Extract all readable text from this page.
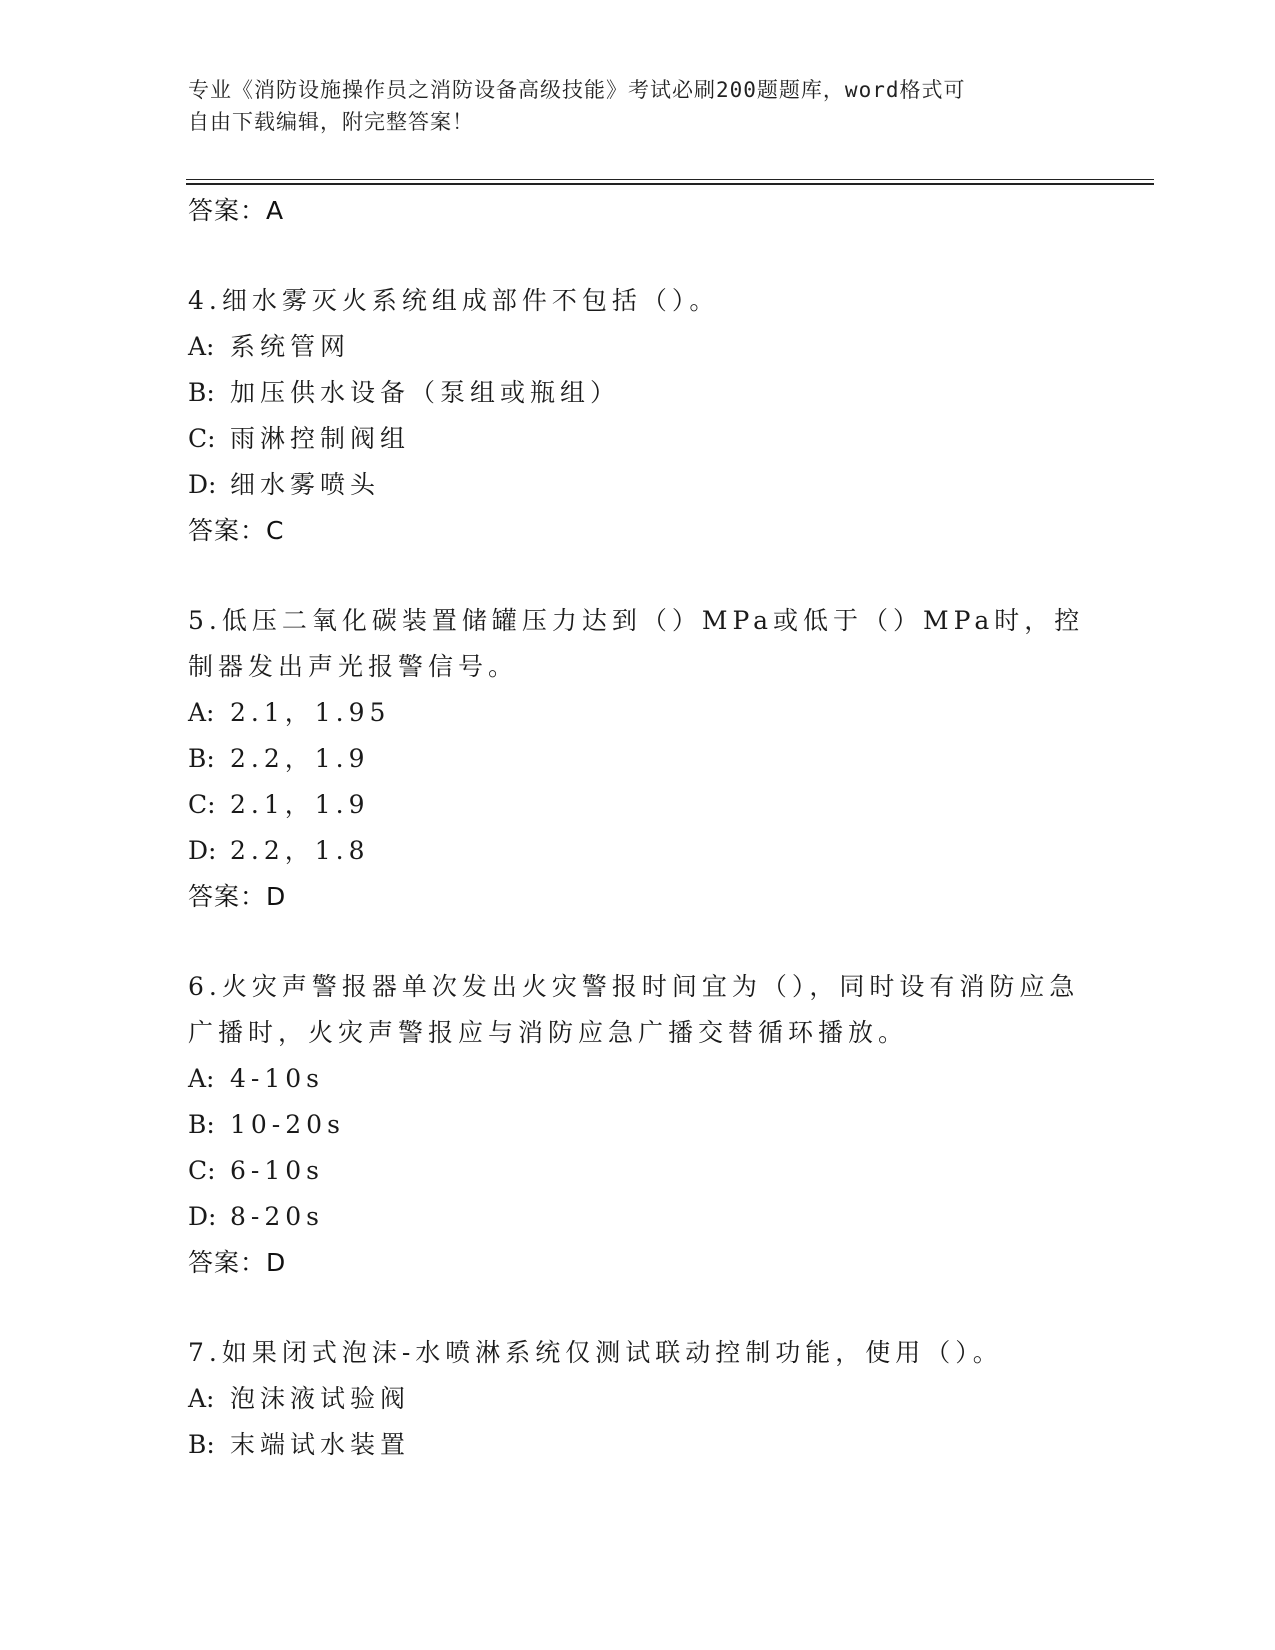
专业《消防设施操作员之消防设备高级技能》考试必刷200题题库，word格式可
自由下载编辑，附完整答案！
答案：A
4.细水雾灭火系统组成部件不包括（）。
A: 系统管网
B: 加压供水设备（泵组或瓶组）
C: 雨淋控制阀组
D: 细水雾喷头
答案：C
5.低压二氧化碳装置储罐压力达到（）MPa或低于（）MPa时，控制器发出声光报警信号。
A: 2.1，1.95
B: 2.2，1.9
C: 2.1，1.9
D: 2.2，1.8
答案：D
6.火灾声警报器单次发出火灾警报时间宜为（），同时设有消防应急广播时，火灾声警报应与消防应急广播交替循环播放。
A: 4-10s
B: 10-20s
C: 6-10s
D: 8-20s
答案：D
7.如果闭式泡沫-水喷淋系统仅测试联动控制功能，使用（）。
A: 泡沫液试验阀
B: 末端试水装置
